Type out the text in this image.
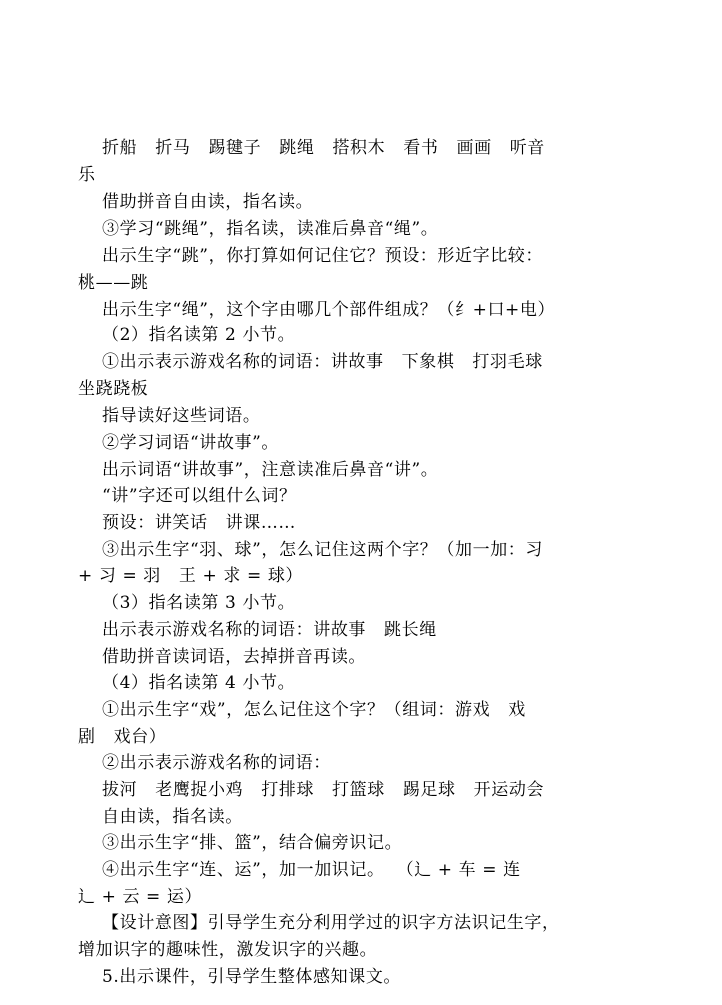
折船   折马   踢毽子   跳绳   搭积木   看书   画画   听音
乐
借助拼音自由读，指名读。
③学习“跳绳”，指名读，读准后鼻音“绳”。
出示生字“跳”，你打算如何记住它？预设：形近字比较：
桃——跳
出示生字“绳”，这个字由哪几个部件组成？（纟+口+电）
（2）指名读第 2 小节。
①出示表示游戏名称的词语：讲故事   下象棋   打羽毛球
坐跷跷板
指导读好这些词语。
②学习词语“讲故事”。
出示词语“讲故事”，注意读准后鼻音“讲”。
“讲”字还可以组什么词？
预设：讲笑话   讲课……
③出示生字“羽、球”，怎么记住这两个字？（加一加：习
+ 习 = 羽   王 + 求 = 球）
（3）指名读第 3 小节。
出示表示游戏名称的词语：讲故事   跳长绳
借助拼音读词语，去掉拼音再读。
（4）指名读第 4 小节。
①出示生字“戏”，怎么记住这个字？（组词：游戏   戏
剧   戏台）
②出示表示游戏名称的词语：
拔河   老鹰捉小鸡   打排球   打篮球   踢足球   开运动会
自由读，指名读。
③出示生字“排、篮”，结合偏旁识记。
④出示生字“连、运”，加一加识记。  （辶 + 车 = 连
辶 + 云 = 运）
【设计意图】引导学生充分利用学过的识字方法识记生字，
增加识字的趣味性，激发识字的兴趣。
5.出示课件，引导学生整体感知课文。
